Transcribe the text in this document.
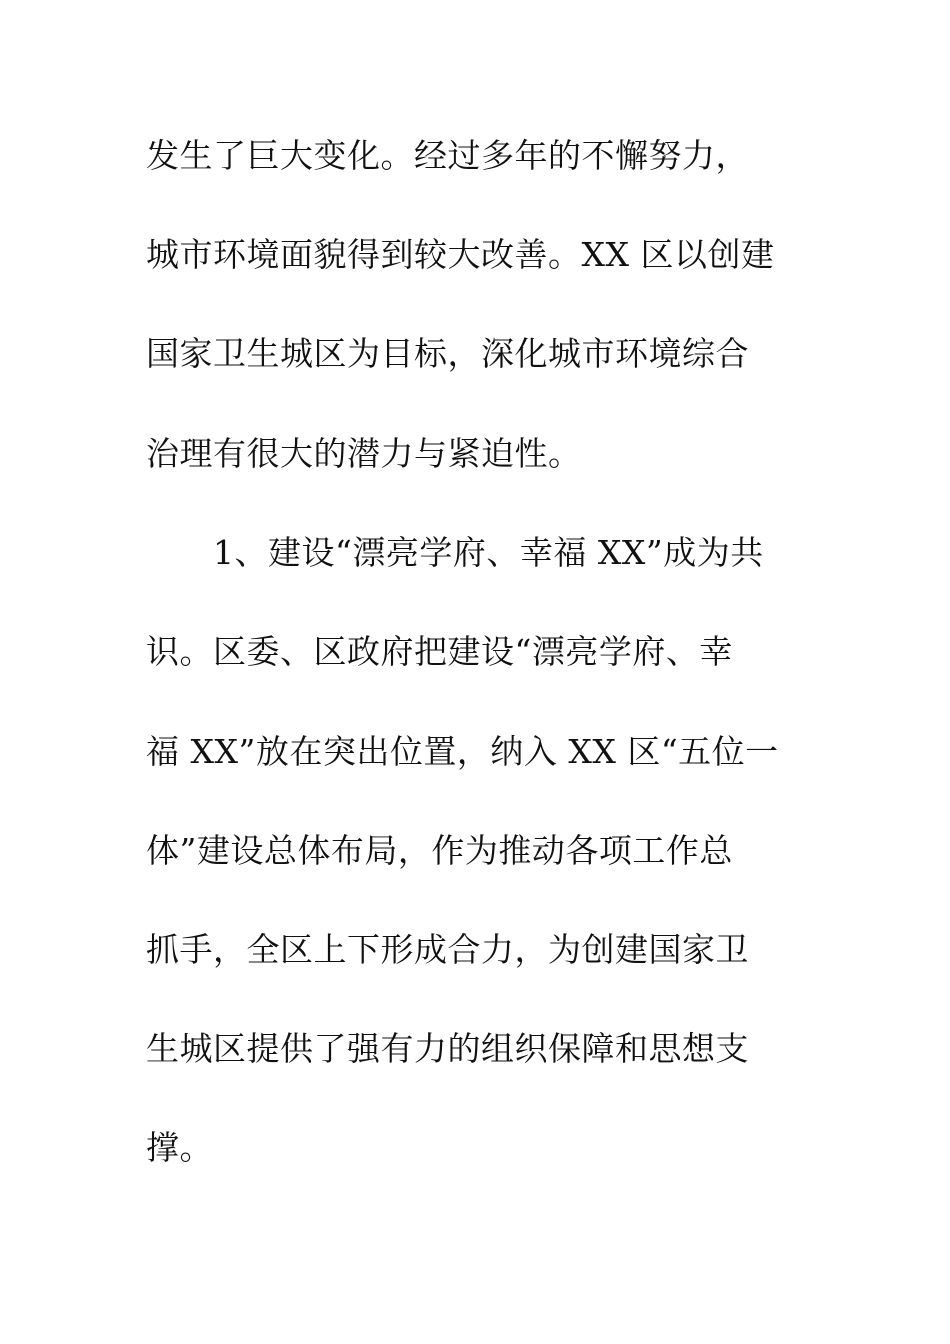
发生了巨大变化。经过多年的不懈努力，

城市环境面貌得到较大改善。XX 区以创建

国家卫生城区为目标，深化城市环境综合

治理有很大的潜力与紧迫性。

1、建设“漂亮学府、幸福 XX”成为共

识。区委、区政府把建设“漂亮学府、幸

福 XX”放在突出位置，纳入 XX 区“五位一

体”建设总体布局，作为推动各项工作总

抓手，全区上下形成合力，为创建国家卫

生城区提供了强有力的组织保障和思想支

撑。
